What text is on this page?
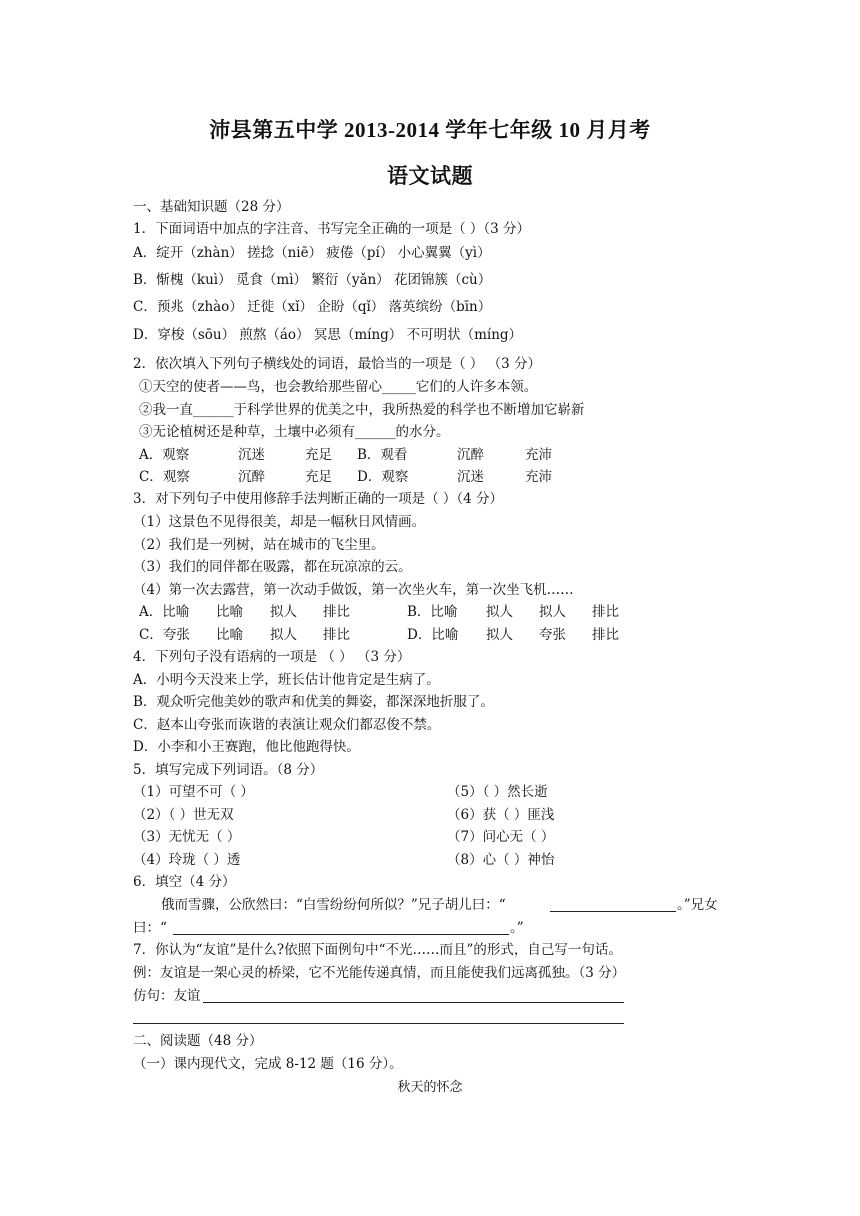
沛县第五中学 2013-2014 学年七年级 10 月月考
语文试题
一、基础知识题（28 分）
1．下面词语中加点的字注音、书写完全正确的一项是（ ）（3 分）
A．绽开（zhàn） 搓捻（niē） 疲倦（pí） 小心翼翼（yì）
B．惭槐（kuì） 觅食（mì） 繁衍（yǎn） 花团锦簇（cù）
C．预兆（zhào） 迁徙（xǐ） 企盼（qǐ） 落英缤纷（bīn）
D．穿梭（sōu） 煎熬（áo） 冥思（míng） 不可明状（míng）
2．依次填入下列句子横线处的词语，最恰当的一项是（ ） （3 分）
①天空的使者——鸟，也会教给那些留心_____它们的人许多本领。
②我一直______于科学世界的优美之中，我所热爱的科学也不断增加它崭新
③无论植树还是种草，土壤中必须有______的水分。
A．观察	沉迷	充足 B．观看	沉醉	充沛
C．观察	沉醉	充足 D．观察	沉迷	充沛
3．对下列句子中使用修辞手法判断正确的一项是（ ）（4 分）
（1）这景色不见得很美，却是一幅秋日风情画。
（2）我们是一列树，站在城市的飞尘里。
（3）我们的同伴都在吸露，都在玩凉凉的云。
（4）第一次去露营，第一次动手做饭，第一次坐火车，第一次坐飞机……
A．比喻 比喻 拟人 排比	B．比喻 拟人 拟人 排比
C．夸张 比喻 拟人 排比	D．比喻 拟人 夸张 排比
4．下列句子没有语病的一项是 （ ） （3 分）
A．小明今天没来上学，班长估计他肯定是生病了。
B．观众听完他美妙的歌声和优美的舞姿，都深深地折服了。
C．赵本山夸张而诙谐的表演让观众们都忍俊不禁。
D．小李和小王赛跑，他比他跑得快。
5．填写完成下列词语。（8 分）
（1）可望不可（ ）
（2）（ ）世无双
（3）无忧无（ ）
（4）玲珑（ ）透
（5）（ ）然长逝
（6）获（ ）匪浅
（7）问心无（ ）
（8）心（ ）神怡
6．填空（4 分）
俄而雪骤，公欣然曰：“白雪纷纷何所似？”兄子胡儿曰：“	。”兄女
曰：“	。”
7．你认为“友谊”是什么?依照下面例句中“不光……而且”的形式，自己写一句话。
例：友谊是一架心灵的桥梁，它不光能传递真情，而且能使我们远离孤独。（3 分）
仿句：友谊
二、阅读题（48 分）
（一）课内现代文，完成 8-12 题（16 分）。
秋天的怀念
